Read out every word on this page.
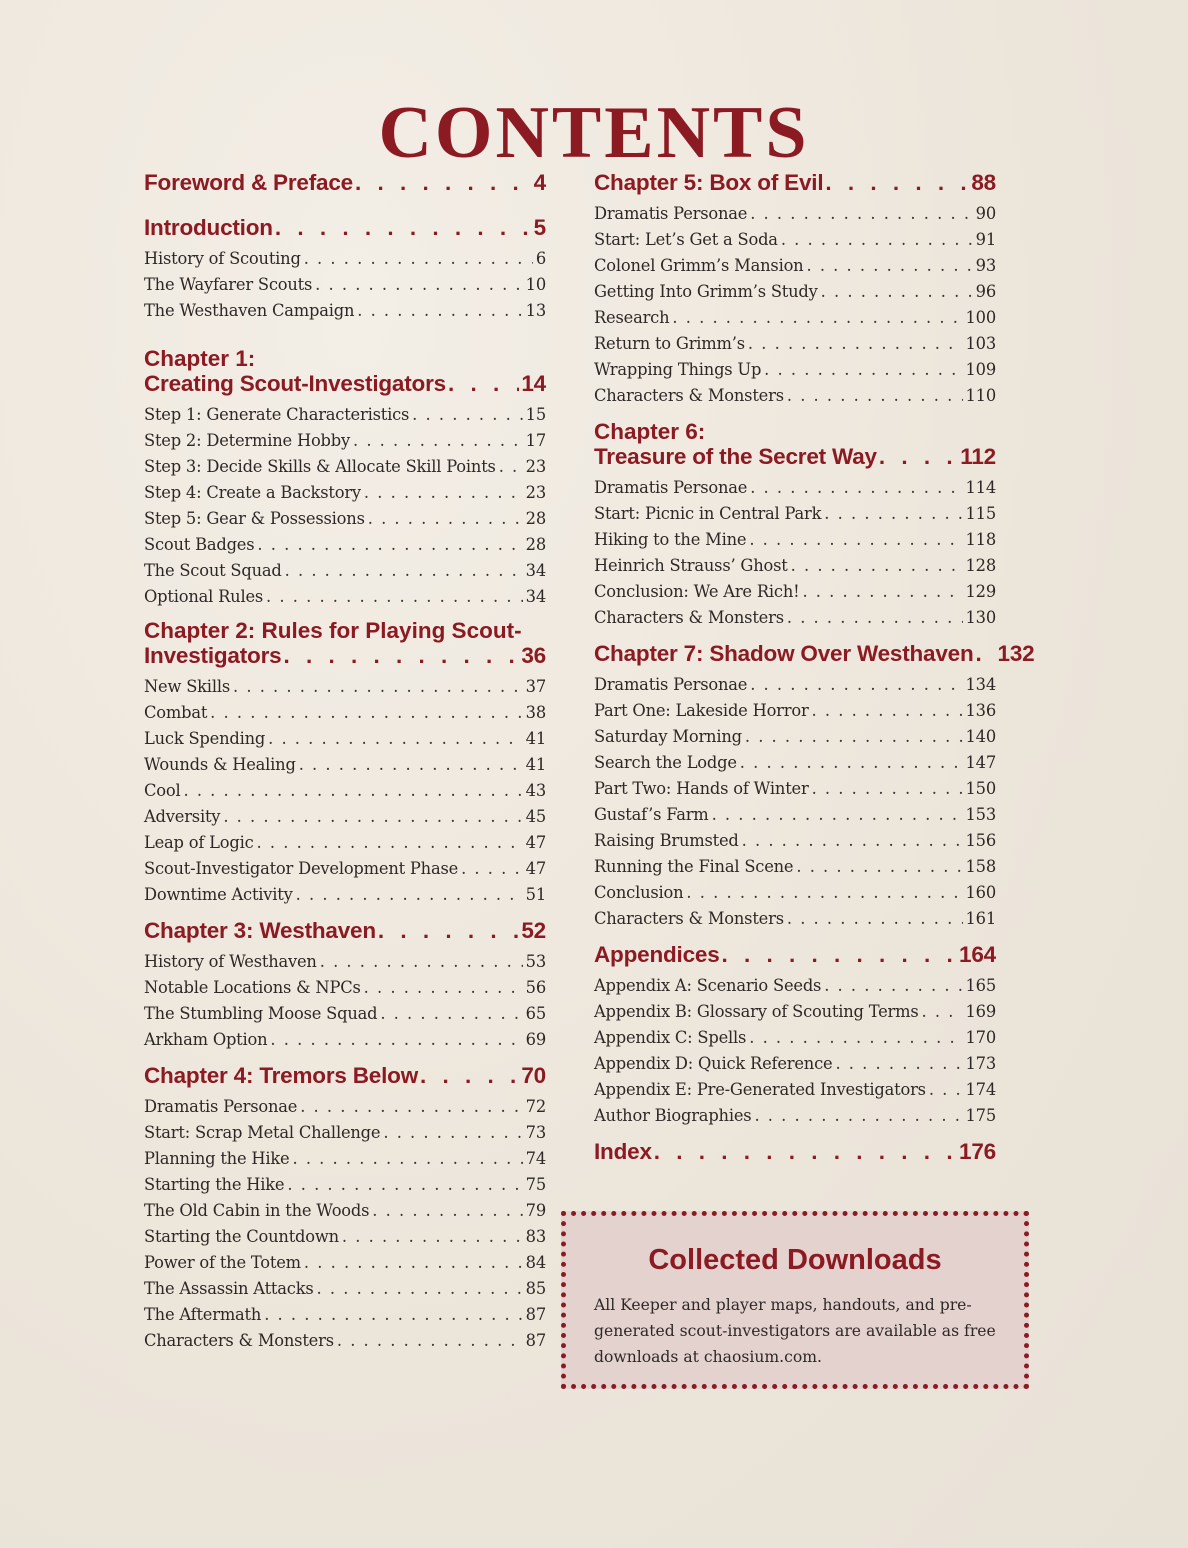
CONTENTS
Foreword & Preface . . .	4
Introduction . . .	5
History of Scouting . . .	6
The Wayfarer Scouts . . .	10
The Westhaven Campaign . . .	13
Chapter 1:
Creating Scout-Investigators . . .	14
Step 1: Generate Characteristics . . .	15
Step 2: Determine Hobby . . .	17
Step 3: Decide Skills & Allocate Skill Points . . . 23
Step 4: Create a Backstory . . .	23
Step 5: Gear & Possessions . . .	28
Scout Badges . . .	28
The Scout Squad . . .	34
Optional Rules . . .	34
Chapter 2: Rules for Playing Scout-
Investigators . . .	36
New Skills . . .	37
Combat . . .	38
Luck Spending . . .	41
Wounds & Healing . . .	41
Cool . . .	43
Adversity . . .	45
Leap of Logic . . .	47
Scout-Investigator Development Phase . . .	47
Downtime Activity . . .	51
Chapter 3: Westhaven . . .	52
History of Westhaven . . .	53
Notable Locations & NPCs . . .	56
The Stumbling Moose Squad . . .	65
Arkham Option . . .	69
Chapter 4: Tremors Below . . .	70
Dramatis Personae . . .	72
Start: Scrap Metal Challenge . . .	73
Planning the Hike . . .	74
Starting the Hike . . .	75
The Old Cabin in the Woods . . .	79
Starting the Countdown . . .	83
Power of the Totem . . .	84
The Assassin Attacks . . .	85
The Aftermath . . .	87
Characters & Monsters . . .	87
Chapter 5: Box of Evil . . .	88
Dramatis Personae . . .	90
Start: Let’s Get a Soda . . .	91
Colonel Grimm’s Mansion . . .	93
Getting Into Grimm’s Study . . .	96
Research . . .	100
Return to Grimm’s . . .	103
Wrapping Things Up . . .	109
Characters & Monsters . . .	110
Chapter 6:
Treasure of the Secret Way . . .	112
Dramatis Personae . . .	114
Start: Picnic in Central Park . . .	115
Hiking to the Mine . . .	118
Heinrich Strauss’ Ghost . . .	128
Conclusion: We Are Rich! . . .	129
Characters & Monsters . . .	130
Chapter 7: Shadow Over Westhaven . . . 132
Dramatis Personae . . .	134
Part One: Lakeside Horror . . .	136
Saturday Morning . . .	140
Search the Lodge . . .	147
Part Two: Hands of Winter . . .	150
Gustaf’s Farm . . .	153
Raising Brumsted . . .	156
Running the Final Scene . . .	158
Conclusion . . .	160
Characters & Monsters . . .	161
Appendices . . .	164
Appendix A: Scenario Seeds . . .	165
Appendix B: Glossary of Scouting Terms . . .	169
Appendix C: Spells . . .	170
Appendix D: Quick Reference . . .	173
Appendix E: Pre-Generated Investigators . . . 174
Author Biographies . . .	175
Index . . .	176
Collected Downloads
All Keeper and player maps, handouts, and pre-generated scout-investigators are available as free downloads at chaosium.com.
